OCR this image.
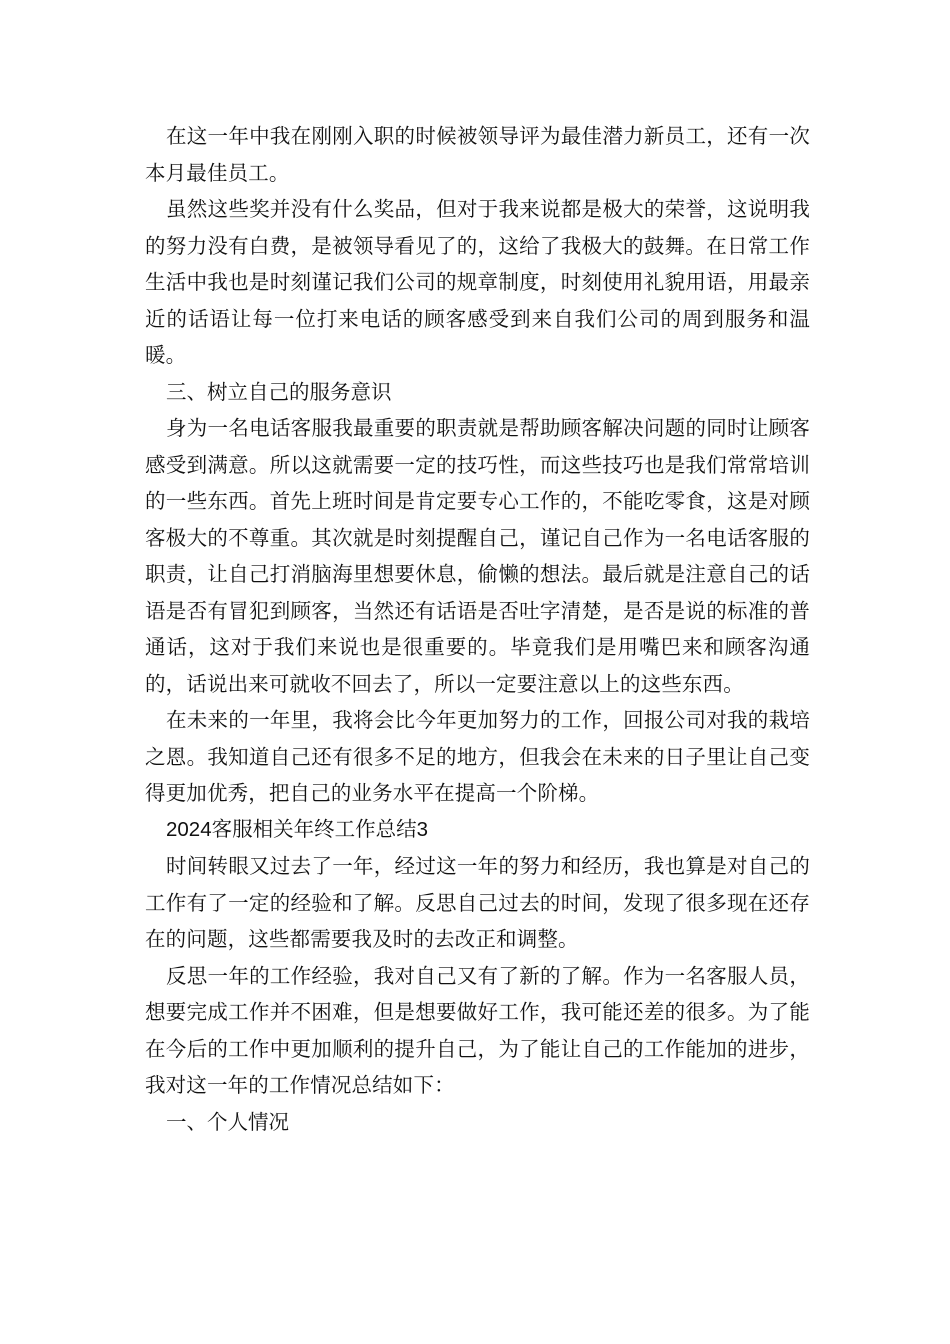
在这一年中我在刚刚入职的时候被领导评为最佳潜力新员工，还有一次本月最佳员工。

虽然这些奖并没有什么奖品，但对于我来说都是极大的荣誉，这说明我的努力没有白费，是被领导看见了的，这给了我极大的鼓舞。在日常工作生活中我也是时刻谨记我们公司的规章制度，时刻使用礼貌用语，用最亲近的话语让每一位打来电话的顾客感受到来自我们公司的周到服务和温暖。

三、树立自己的服务意识

身为一名电话客服我最重要的职责就是帮助顾客解决问题的同时让顾客感受到满意。所以这就需要一定的技巧性，而这些技巧也是我们常常培训的一些东西。首先上班时间是肯定要专心工作的，不能吃零食，这是对顾客极大的不尊重。其次就是时刻提醒自己，谨记自己作为一名电话客服的职责，让自己打消脑海里想要休息，偷懒的想法。最后就是注意自己的话语是否有冒犯到顾客，当然还有话语是否吐字清楚，是否是说的标准的普通话，这对于我们来说也是很重要的。毕竟我们是用嘴巴来和顾客沟通的，话说出来可就收不回去了，所以一定要注意以上的这些东西。

在未来的一年里，我将会比今年更加努力的工作，回报公司对我的栽培之恩。我知道自己还有很多不足的地方，但我会在未来的日子里让自己变得更加优秀，把自己的业务水平在提高一个阶梯。

2024客服相关年终工作总结3

时间转眼又过去了一年，经过这一年的努力和经历，我也算是对自己的工作有了一定的经验和了解。反思自己过去的时间，发现了很多现在还存在的问题，这些都需要我及时的去改正和调整。

反思一年的工作经验，我对自己又有了新的了解。作为一名客服人员，想要完成工作并不困难，但是想要做好工作，我可能还差的很多。为了能在今后的工作中更加顺利的提升自己，为了能让自己的工作能加的进步，我对这一年的工作情况总结如下：

一、个人情况
